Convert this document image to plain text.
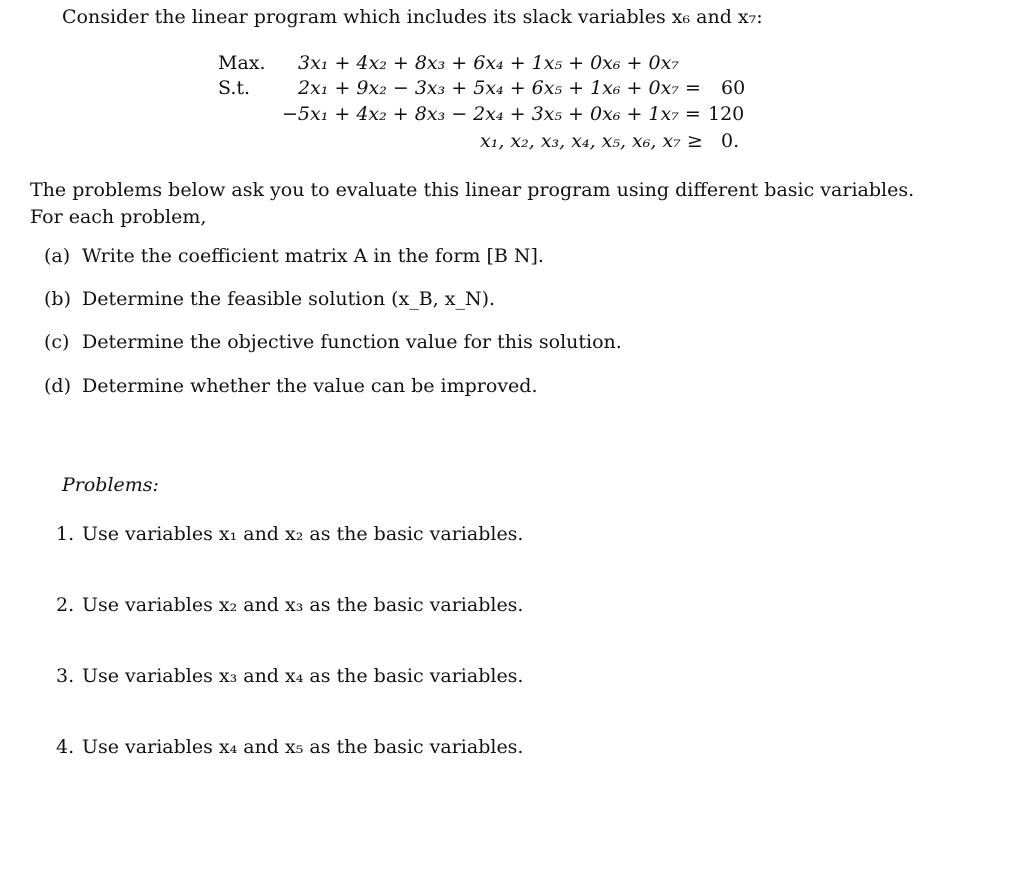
Consider the linear program which includes its slack variables x₆ and x₇:
Max. 3x₁ + 4x₂ + 8x₃ + 6x₄ + 1x₅ + 0x₆ + 0x₇
S.t.	2x₁ + 9x₂ − 3x₃ + 5x₄ + 6x₅ + 1x₆ + 0x₇ = 60
−5x₁ + 4x₂ + 8x₃ − 2x₄ + 3x₅ + 0x₆ + 1x₇ = 120
x₁, x₂, x₃, x₄, x₅, x₆, x₇ ≥ 0.
The problems below ask you to evaluate this linear program using different basic variables. For each problem,
(a) Write the coefficient matrix A in the form [B N].
(b) Determine the feasible solution (x_B, x_N).
(c) Determine the objective function value for this solution.
(d) Determine whether the value can be improved.
Problems:
1. Use variables x₁ and x₂ as the basic variables.
2. Use variables x₂ and x₃ as the basic variables.
3. Use variables x₃ and x₄ as the basic variables.
4. Use variables x₄ and x₅ as the basic variables.
